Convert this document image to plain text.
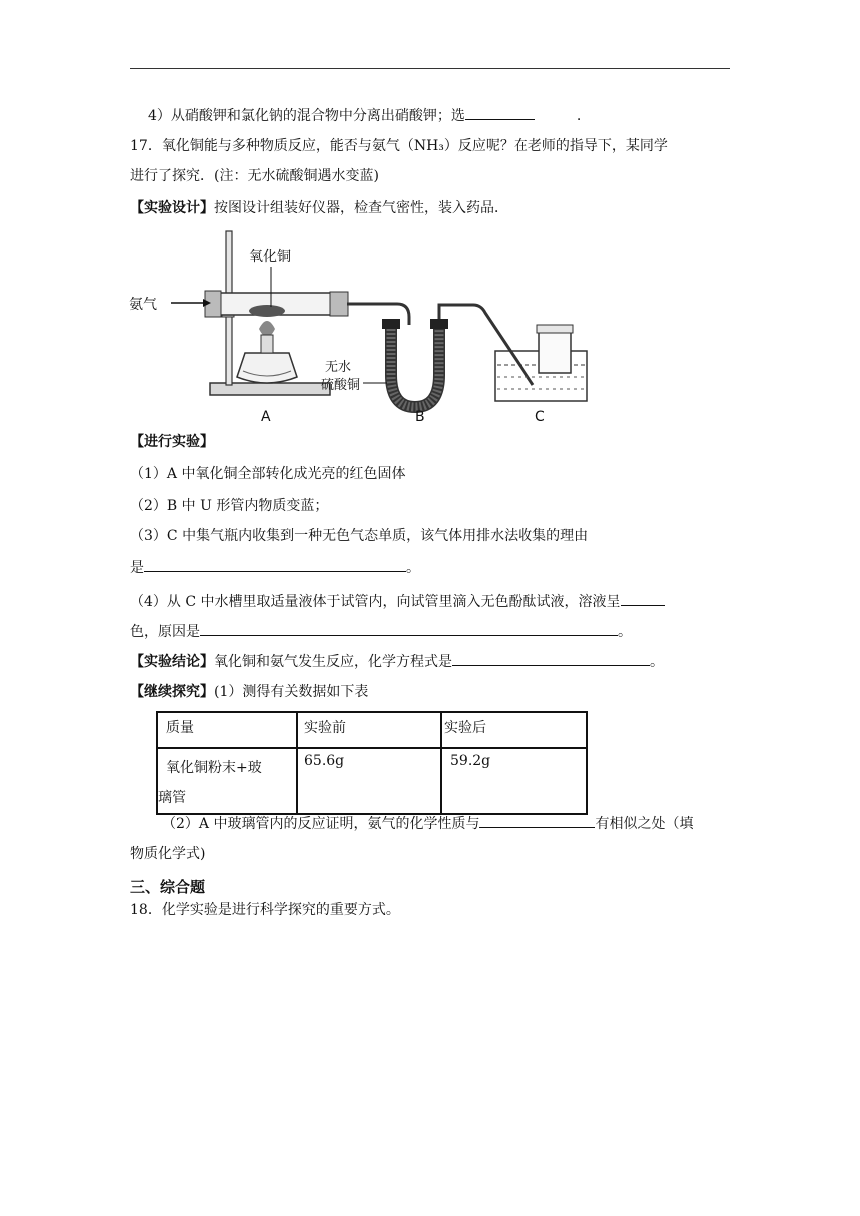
4）从硝酸钾和氯化钠的混合物中分离出硝酸钾；选	.
17．氧化铜能与多种物质反应，能否与氨气（NH₃）反应呢？在老师的指导下，某同学
进行了探究．(注：无水硫酸铜遇水变蓝)
【实验设计】按图设计组装好仪器，检查气密性，装入药品．
氧化铜
氨气
无水
硫酸铜
A	B	C
【进行实验】
（1）A 中氧化铜全部转化成光亮的红色固体
（2）B 中 U 形管内物质变蓝；
（3）C 中集气瓶内收集到一种无色气态单质，该气体用排水法收集的理由
是	。
（4）从 C 中水槽里取适量液体于试管内，向试管里滴入无色酚酞试液，溶液呈
色，原因是	。
【实验结论】氧化铜和氨气发生反应，化学方程式是	。
【继续探究】(1）测得有关数据如下表
质量	实验前	实验后

氧化铜粉末+玻
璃管	65.6g	59.2g
（2）A 中玻璃管内的反应证明，氨气的化学性质与	有相似之处（填
物质化学式)
三、综合题
18．化学实验是进行科学探究的重要方式。
